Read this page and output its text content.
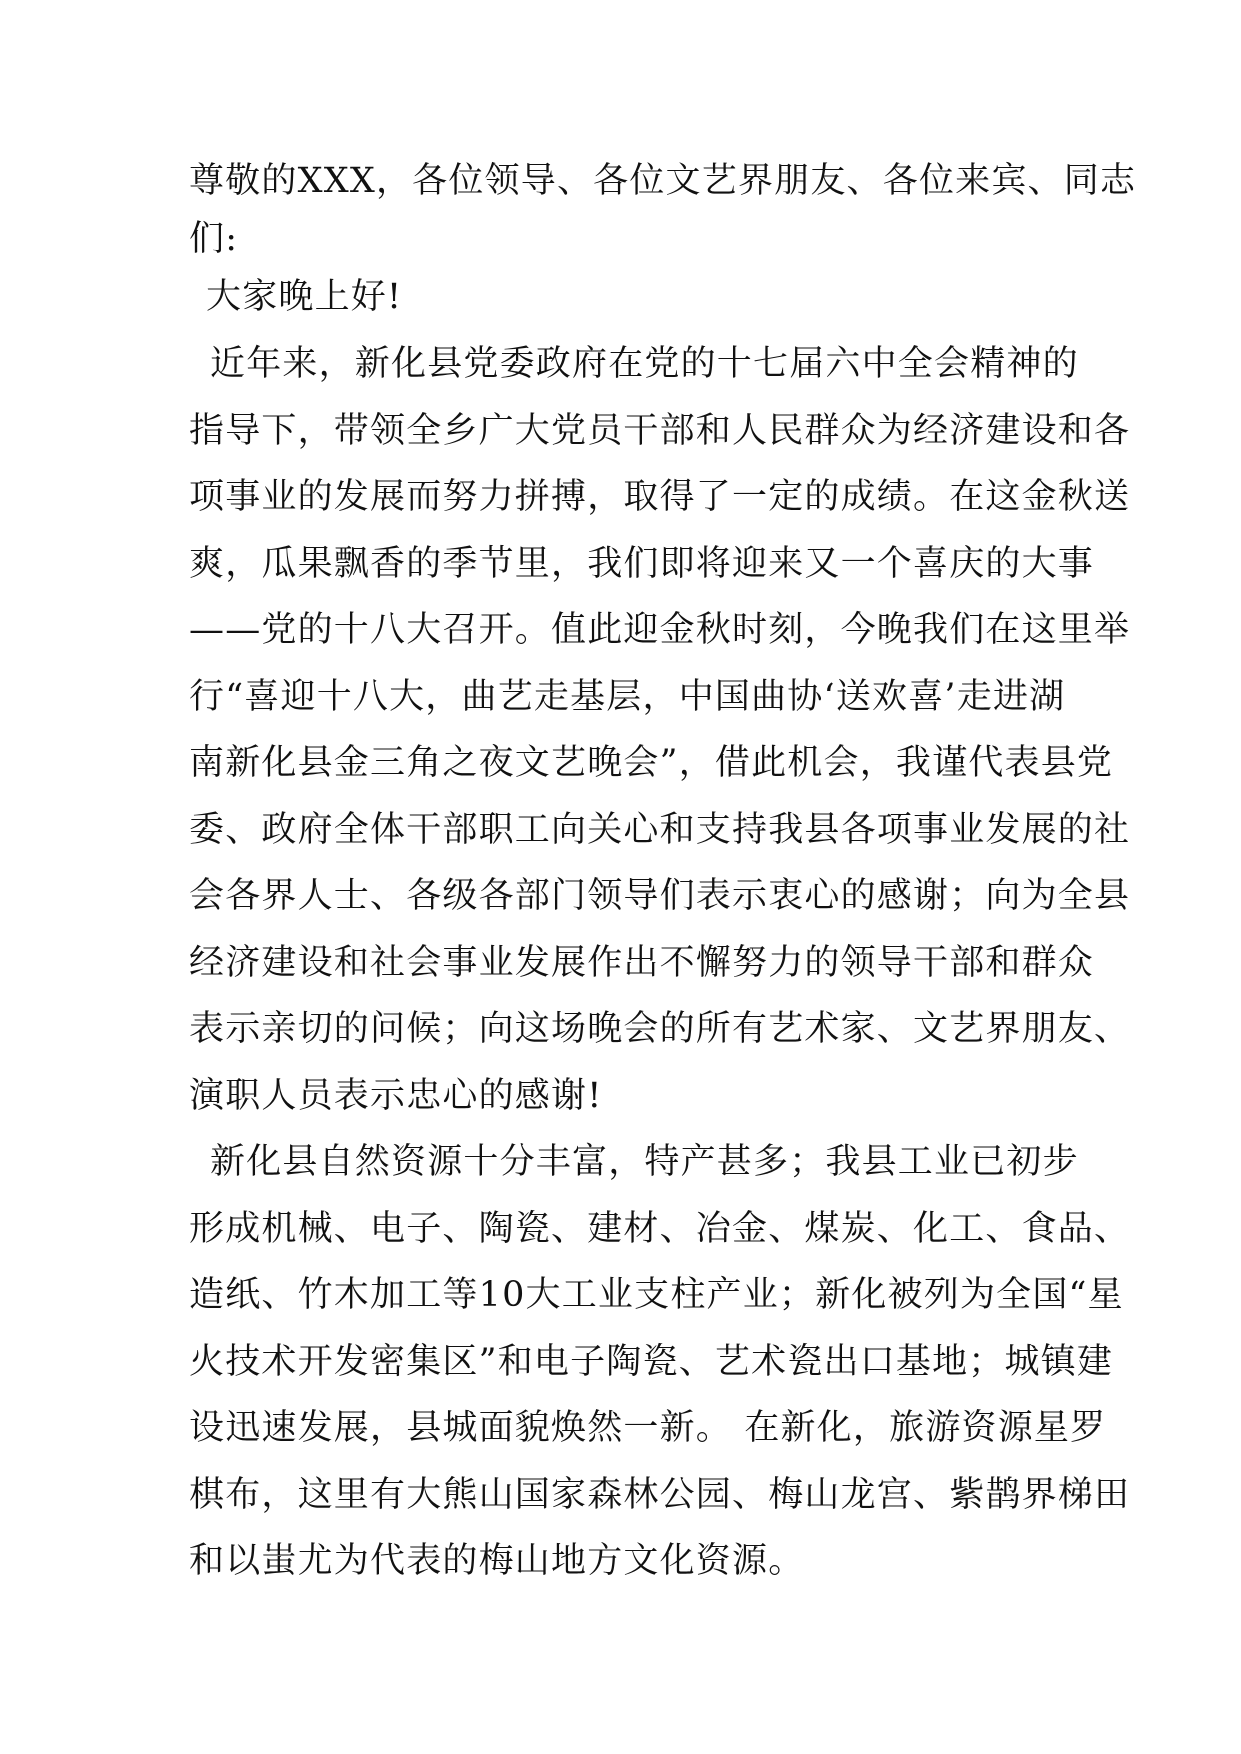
尊敬的XXX，各位领导、各位文艺界朋友、各位来宾、同志
们:
大家晚上好!
近年来，新化县党委政府在党的十七届六中全会精神的
指导下，带领全乡广大党员干部和人民群众为经济建设和各
项事业的发展而努力拼搏，取得了一定的成绩。在这金秋送
爽，瓜果飘香的季节里，我们即将迎来又一个喜庆的大事
——党的十八大召开。值此迎金秋时刻，今晚我们在这里举
行“喜迎十八大，曲艺走基层，中国曲协‘送欢喜’走进湖
南新化县金三角之夜文艺晚会”，借此机会，我谨代表县党
委、政府全体干部职工向关心和支持我县各项事业发展的社
会各界人士、各级各部门领导们表示衷心的感谢；向为全县
经济建设和社会事业发展作出不懈努力的领导干部和群众
表示亲切的问候；向这场晚会的所有艺术家、文艺界朋友、
演职人员表示忠心的感谢!
新化县自然资源十分丰富，特产甚多；我县工业已初步
形成机械、电子、陶瓷、建材、冶金、煤炭、化工、食品、
造纸、竹木加工等10大工业支柱产业；新化被列为全国“星
火技术开发密集区”和电子陶瓷、艺术瓷出口基地；城镇建
设迅速发展，县城面貌焕然一新。 在新化，旅游资源星罗
棋布，这里有大熊山国家森林公园、梅山龙宫、紫鹊界梯田
和以蚩尤为代表的梅山地方文化资源。
